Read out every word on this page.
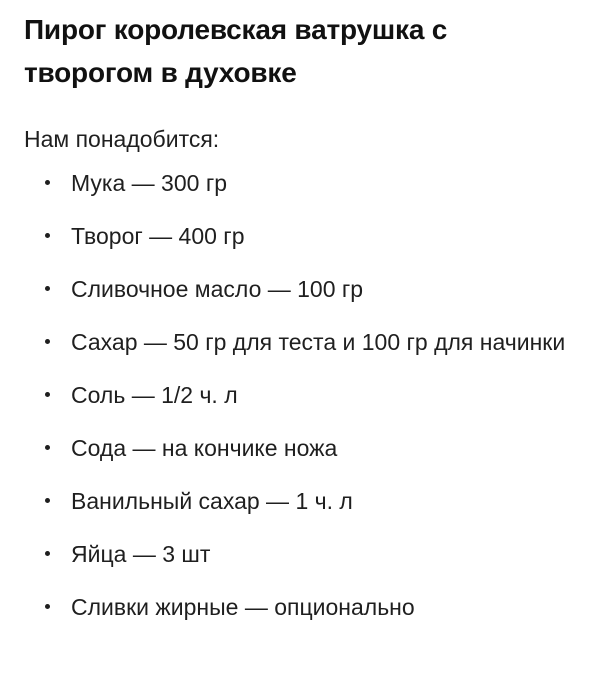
Пирог королевская ватрушка с творогом в духовке

Нам понадобится:

Мука — 300 гр
Творог — 400 гр
Сливочное масло — 100 гр
Сахар — 50 гр для теста и 100 гр для начинки
Соль — 1/2 ч. л
Сода — на кончике ножа
Ванильный сахар — 1 ч. л
Яйца — 3 шт
Сливки жирные — опционально
